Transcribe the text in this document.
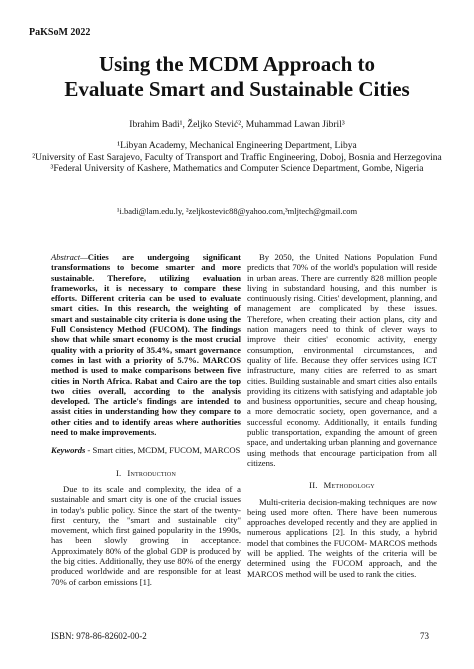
PaKSoM 2022
Using the MCDM Approach to
Evaluate Smart and Sustainable Cities
Ibrahim Badi¹, Željko Stević², Muhammad Lawan Jibril³
¹Libyan Academy, Mechanical Engineering Department, Libya
²University of East Sarajevo, Faculty of Transport and Traffic Engineering, Doboj, Bosnia and Herzegovina
³Federal University of Kashere, Mathematics and Computer Science Department, Gombe, Nigeria
¹i.badi@lam.edu.ly, ²zeljkostevic88@yahoo.com,³mljtech@gmail.com

Abstract—Cities are undergoing significant transformations to become smarter and more sustainable. Therefore, utilizing evaluation frameworks, it is necessary to compare these efforts. Different criteria can be used to evaluate smart cities. In this research, the weighting of smart and sustainable city criteria is done using the Full Consistency Method (FUCOM). The findings show that while smart economy is the most crucial quality with a priority of 35.4%, smart governance comes in last with a priority of 5.7%. MARCOS method is used to make comparisons between five cities in North Africa. Rabat and Cairo are the top two cities overall, according to the analysis developed. The article's findings are intended to assist cities in understanding how they compare to other cities and to identify areas where authorities need to make improvements.

Keywords - Smart cities, MCDM, FUCOM, MARCOS

I. Introduction

Due to its scale and complexity, the idea of a sustainable and smart city is one of the crucial issues in today's public policy. Since the start of the twenty-first century, the "smart and sustainable city" movement, which first gained popularity in the 1990s, has been slowly growing in acceptance. Approximately 80% of the global GDP is produced by the big cities. Additionally, they use 80% of the energy produced worldwide and are responsible for at least 70% of carbon emissions [1].

By 2050, the United Nations Population Fund predicts that 70% of the world's population will reside in urban areas. There are currently 828 million people living in substandard housing, and this number is continuously rising. Cities' development, planning, and management are complicated by these issues. Therefore, when creating their action plans, city and nation managers need to think of clever ways to improve their cities' economic activity, energy consumption, environmental circumstances, and quality of life. Because they offer services using ICT infrastructure, many cities are referred to as smart cities. Building sustainable and smart cities also entails providing its citizens with satisfying and adaptable job and business opportunities, secure and cheap housing, a more democratic society, open governance, and a successful economy. Additionally, it entails funding public transportation, expanding the amount of green space, and undertaking urban planning and governance using methods that encourage participation from all citizens.

II. Methodology

Multi-criteria decision-making techniques are now being used more often. There have been numerous approaches developed recently and they are applied in numerous applications [2]. In this study, a hybrid model that combines the FUCOM- MARCOS methods will be applied. The weights of the criteria will be determined using the FUCOM approach, and the MARCOS method will be used to rank the cities.

ISBN: 978-86-82602-00-2	73
